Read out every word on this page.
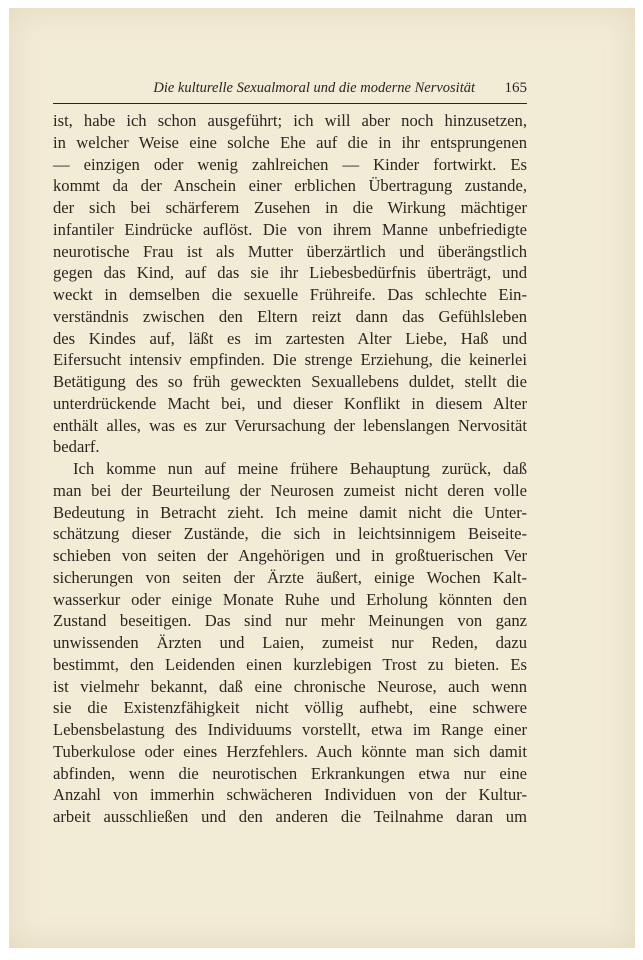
Die kulturelle Sexualmoral und die moderne Nervosität 165
ist, habe ich schon ausgeführt; ich will aber noch hinzusetzen,
in welcher Weise eine solche Ehe auf die in ihr entsprungenen
— einzigen oder wenig zahlreichen — Kinder fortwirkt. Es
kommt da der Anschein einer erblichen Übertragung zustande,
der sich bei schärferem Zusehen in die Wirkung mächtiger
infantiler Eindrücke auflöst. Die von ihrem Manne unbefriedigte
neurotische Frau ist als Mutter überzärtlich und überängstlich
gegen das Kind, auf das sie ihr Liebesbedürfnis überträgt, und
weckt in demselben die sexuelle Frühreife. Das schlechte Ein-
verständnis zwischen den Eltern reizt dann das Gefühlsleben
des Kindes auf, läßt es im zartesten Alter Liebe, Haß und
Eifersucht intensiv empfinden. Die strenge Erziehung, die keinerlei
Betätigung des so früh geweckten Sexuallebens duldet, stellt die
unterdrückende Macht bei, und dieser Konflikt in diesem Alter
enthält alles, was es zur Verursachung der lebenslangen Nervosität
bedarf.
Ich komme nun auf meine frühere Behauptung zurück, daß
man bei der Beurteilung der Neurosen zumeist nicht deren volle
Bedeutung in Betracht zieht. Ich meine damit nicht die Unter-
schätzung dieser Zustände, die sich in leichtsinnigem Beiseite-
schieben von seiten der Angehörigen und in großtuerischen Ver
sicherungen von seiten der Ärzte äußert, einige Wochen Kalt-
wasserkur oder einige Monate Ruhe und Erholung könnten den
Zustand beseitigen. Das sind nur mehr Meinungen von ganz
unwissenden Ärzten und Laien, zumeist nur Reden, dazu
bestimmt, den Leidenden einen kurzlebigen Trost zu bieten. Es
ist vielmehr bekannt, daß eine chronische Neurose, auch wenn
sie die Existenzfähigkeit nicht völlig aufhebt, eine schwere
Lebensbelastung des Individuums vorstellt, etwa im Range einer
Tuberkulose oder eines Herzfehlers. Auch könnte man sich damit
abfinden, wenn die neurotischen Erkrankungen etwa nur eine
Anzahl von immerhin schwächeren Individuen von der Kultur-
arbeit ausschließen und den anderen die Teilnahme daran um
